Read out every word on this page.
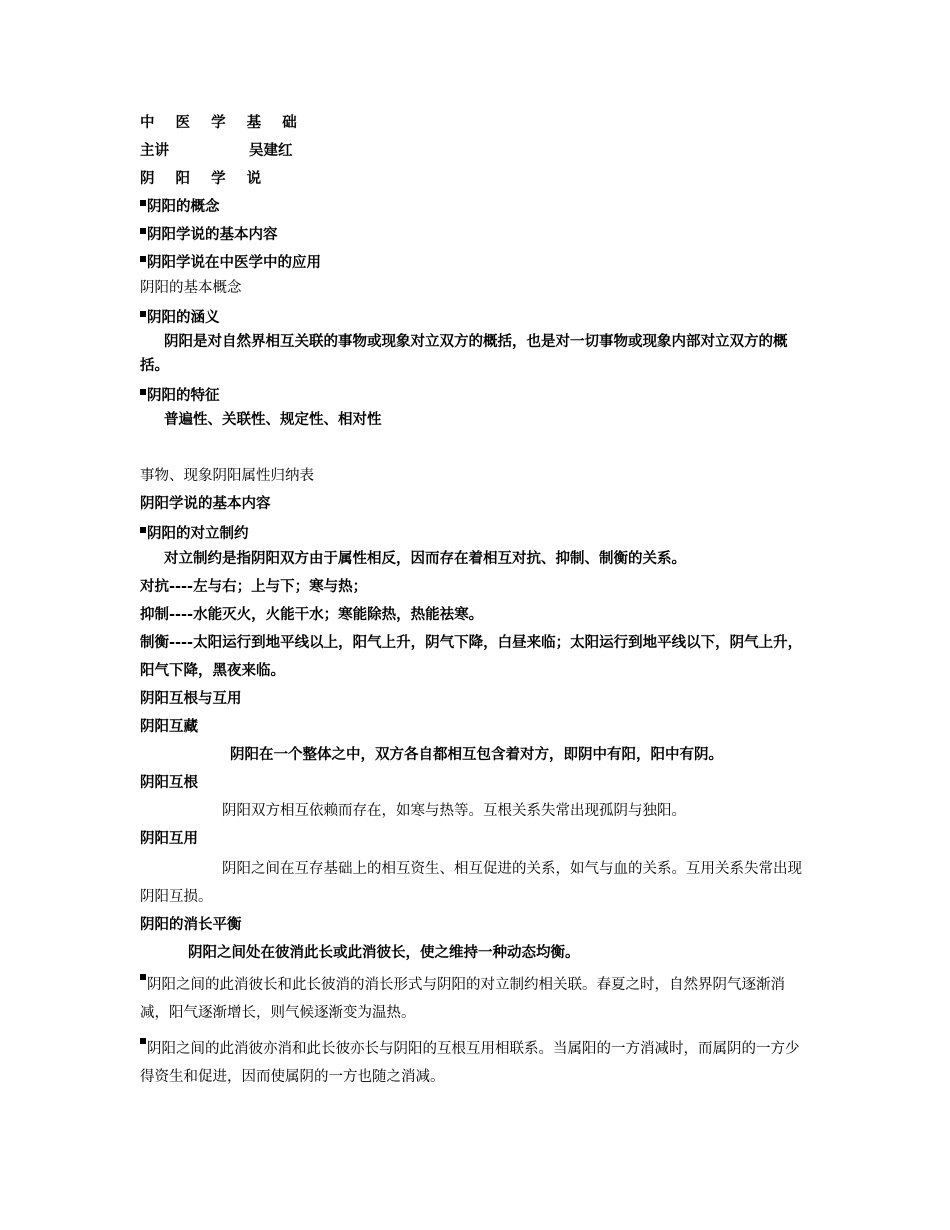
中 医 学 基 础
主讲	吴建红
阴 阳 学 说
阴阳的概念
阴阳学说的基本内容
阴阳学说在中医学中的应用
阴阳的基本概念
阴阳的涵义
阴阳是对自然界相互关联的事物或现象对立双方的概括，也是对一切事物或现象内部对立双方的概括。
阴阳的特征
普遍性、关联性、规定性、相对性
事物、现象阴阳属性归纳表
阴阳学说的基本内容
阴阳的对立制约
对立制约是指阴阳双方由于属性相反，因而存在着相互对抗、抑制、制衡的关系。
对抗----左与右；上与下；寒与热；
抑制----水能灭火，火能干水；寒能除热，热能祛寒。
制衡----太阳运行到地平线以上，阳气上升，阴气下降，白昼来临；太阳运行到地平线以下，阴气上升，阳气下降，黑夜来临。
阴阳互根与互用
阴阳互藏
阴阳在一个整体之中，双方各自都相互包含着对方，即阴中有阳，阳中有阴。
阴阳互根
阴阳双方相互依赖而存在，如寒与热等。互根关系失常出现孤阴与独阳。
阴阳互用
阴阳之间在互存基础上的相互资生、相互促进的关系，如气与血的关系。互用关系失常出现阴阳互损。
阴阳的消长平衡
阴阳之间处在彼消此长或此消彼长，使之维持一种动态均衡。
阴阳之间的此消彼长和此长彼消的消长形式与阴阳的对立制约相关联。春夏之时，自然界阴气逐渐消减，阳气逐渐增长，则气候逐渐变为温热。
阴阳之间的此消彼亦消和此长彼亦长与阴阳的互根互用相联系。当属阳的一方消减时，而属阴的一方少得资生和促进，因而使属阴的一方也随之消减。
